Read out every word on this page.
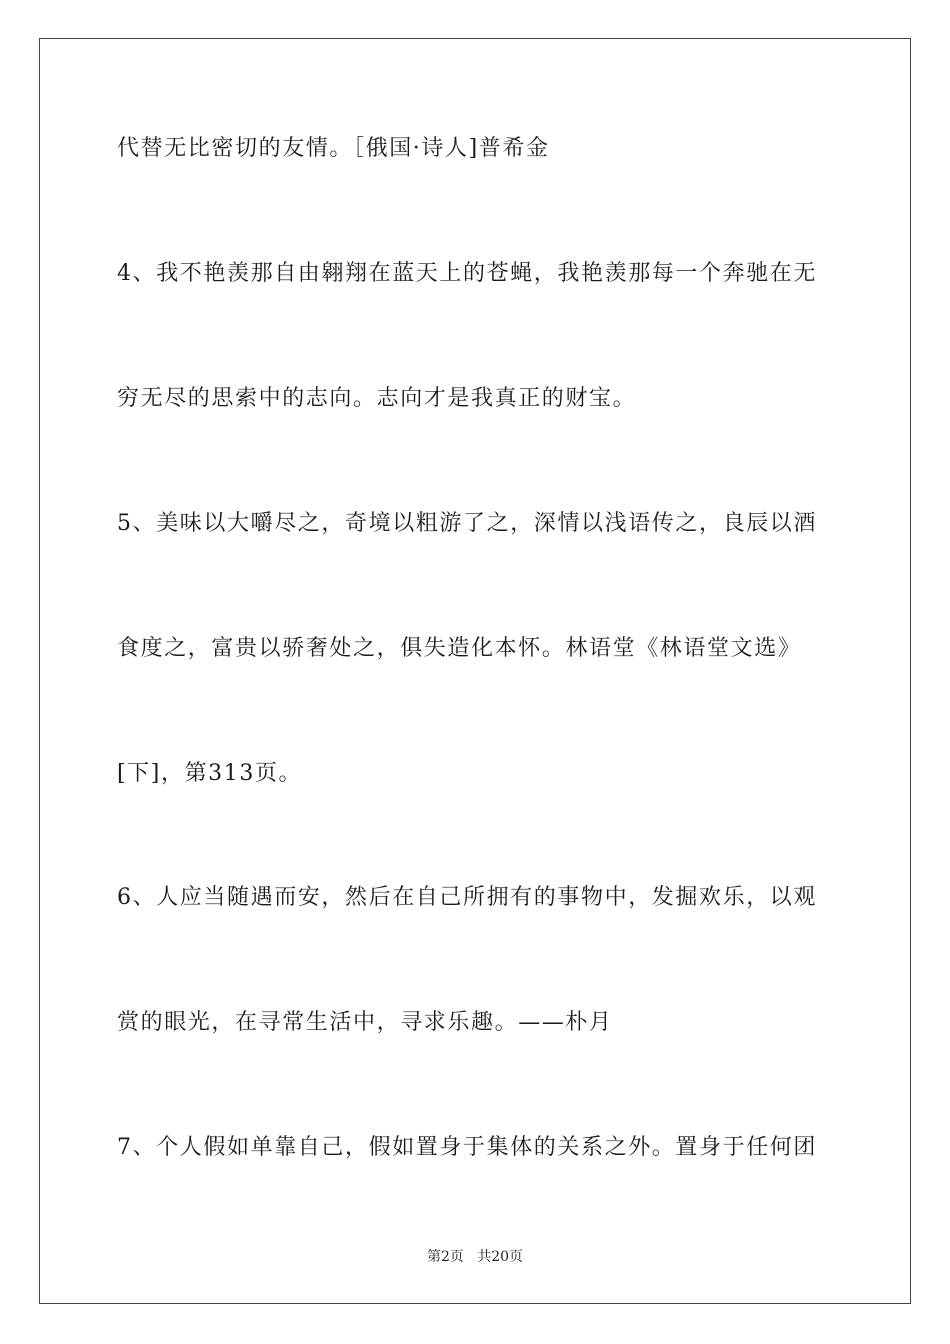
代替无比密切的友情。［俄国·诗人]普希金
4、我不艳羡那自由翱翔在蓝天上的苍蝇，我艳羡那每一个奔驰在无
穷无尽的思索中的志向。志向才是我真正的财宝。
5、美味以大嚼尽之，奇境以粗游了之，深情以浅语传之，良辰以酒
食度之，富贵以骄奢处之，俱失造化本怀。林语堂《林语堂文选》
[下]，第313页。
6、人应当随遇而安，然后在自己所拥有的事物中，发掘欢乐，以观
赏的眼光，在寻常生活中，寻求乐趣。——朴月
7、个人假如单靠自己，假如置身于集体的关系之外。置身于任何团
第2页   共20页
